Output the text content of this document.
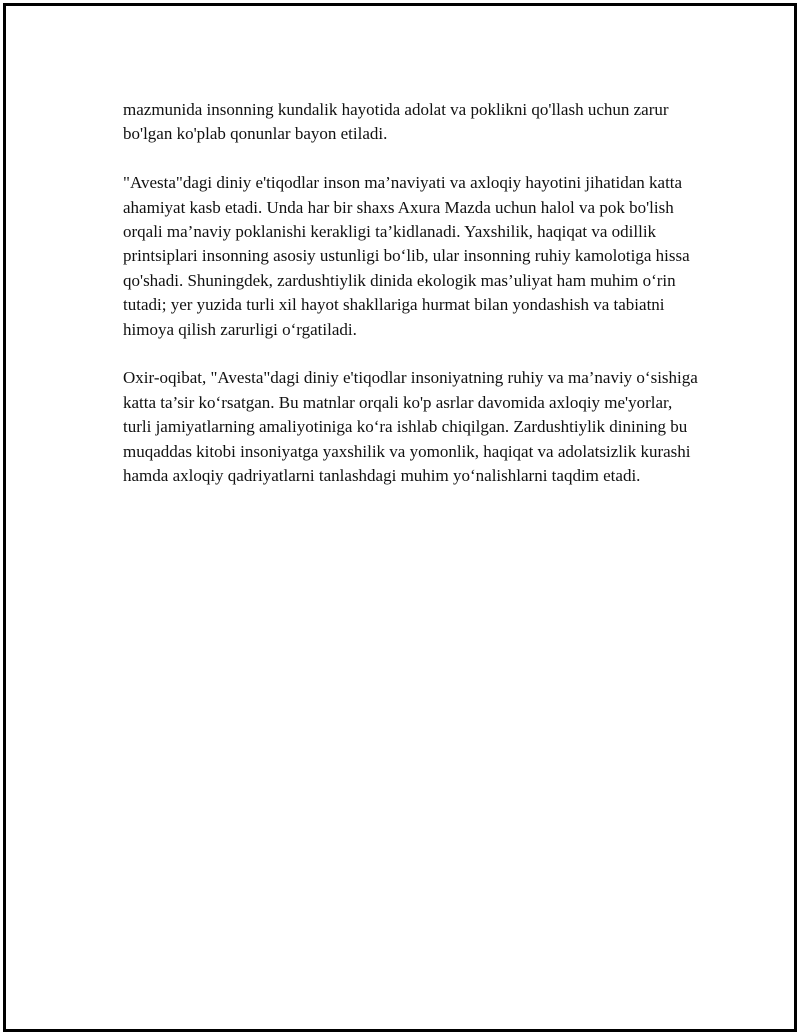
mazmunida insonning kundalik hayotida adolat va poklikni qo'llash uchun zarur bo'lgan ko'plab qonunlar bayon etiladi.

"Avesta"dagi diniy e'tiqodlar inson ma’naviyati va axloqiy hayotini jihatidan katta ahamiyat kasb etadi. Unda har bir shaxs Axura Mazda uchun halol va pok bo'lish orqali ma’naviy poklanishi kerakligi ta’kidlanadi. Yaxshilik, haqiqat va odillik printsiplari insonning asosiy ustunligi bo‘lib, ular insonning ruhiy kamolotiga hissa qo'shadi. Shuningdek, zardushtiylik dinida ekologik mas’uliyat ham muhim o‘rin tutadi; yer yuzida turli xil hayot shakllariga hurmat bilan yondashish va tabiatni himoya qilish zarurligi o‘rgatiladi.

Oxir-oqibat, "Avesta"dagi diniy e'tiqodlar insoniyatning ruhiy va ma’naviy o‘sishiga katta ta’sir ko‘rsatgan. Bu matnlar orqali ko'p asrlar davomida axloqiy me'yorlar, turli jamiyatlarning amaliyotiniga ko‘ra ishlab chiqilgan. Zardushtiylik dinining bu muqaddas kitobi insoniyatga yaxshilik va yomonlik, haqiqat va adolatsizlik kurashi hamda axloqiy qadriyatlarni tanlashdagi muhim yo‘nalishlarni taqdim etadi.
